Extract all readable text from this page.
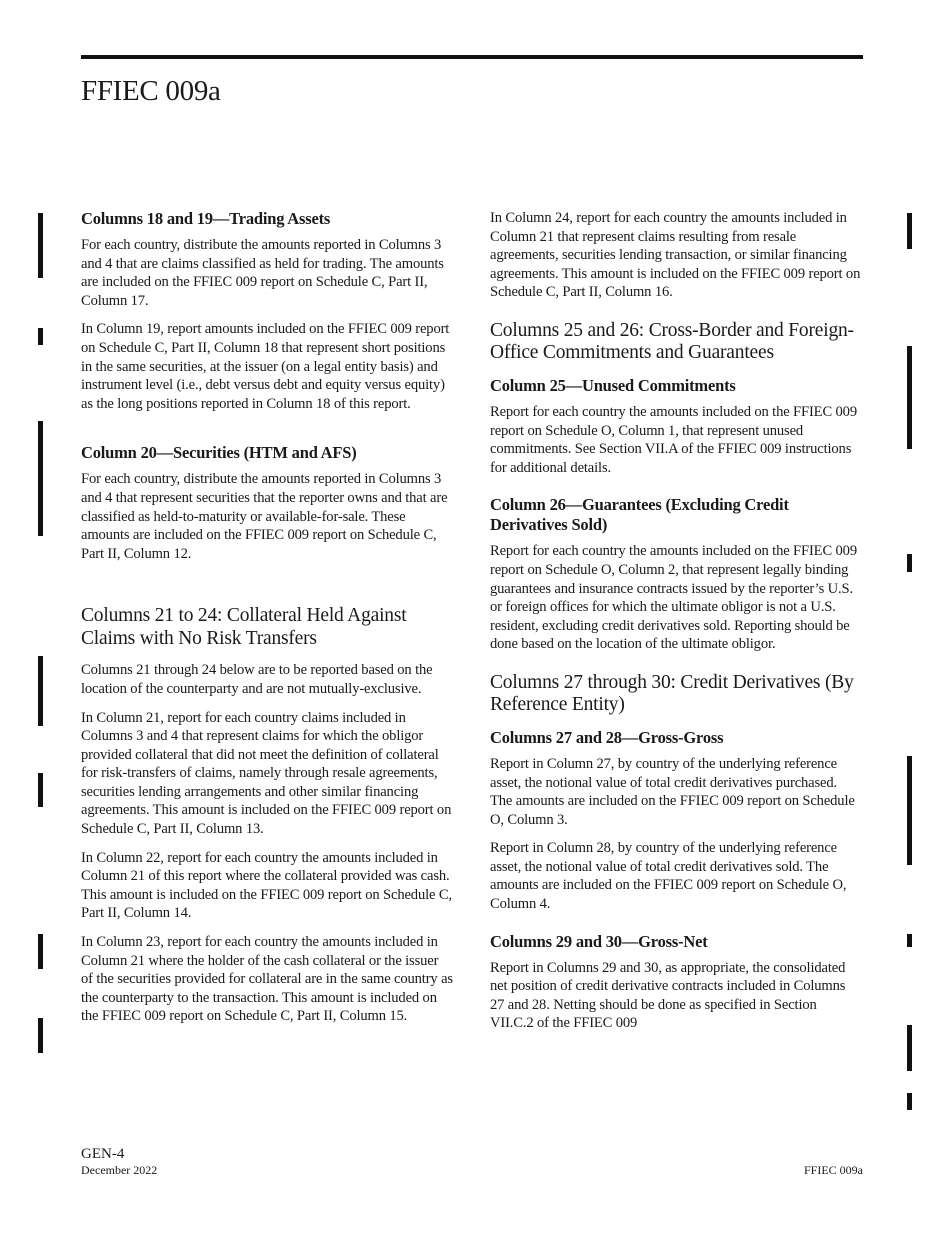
FFIEC 009a
Columns 18 and 19—Trading Assets

For each country, distribute the amounts reported in Columns 3 and 4 that are claims classified as held for trading. The amounts are included on the FFIEC 009 report on Schedule C, Part II, Column 17.

In Column 19, report amounts included on the FFIEC 009 report on Schedule C, Part II, Column 18 that represent short positions in the same securities, at the issuer (on a legal entity basis) and instrument level (i.e., debt versus debt and equity versus equity) as the long positions reported in Column 18 of this report.

Column 20—Securities (HTM and AFS)

For each country, distribute the amounts reported in Columns 3 and 4 that represent securities that the reporter owns and that are classified as held-to-maturity or available-for-sale. These amounts are included on the FFIEC 009 report on Schedule C, Part II, Column 12.

Columns 21 to 24: Collateral Held Against Claims with No Risk Transfers

Columns 21 through 24 below are to be reported based on the location of the counterparty and are not mutually-exclusive.

In Column 21, report for each country claims included in Columns 3 and 4 that represent claims for which the obligor provided collateral that did not meet the definition of collateral for risk-transfers of claims, namely through resale agreements, securities lending arrangements and other similar financing agreements. This amount is included on the FFIEC 009 report on Schedule C, Part II, Column 13.

In Column 22, report for each country the amounts included in Column 21 of this report where the collateral provided was cash. This amount is included on the FFIEC 009 report on Schedule C, Part II, Column 14.

In Column 23, report for each country the amounts included in Column 21 where the holder of the cash collateral or the issuer of the securities provided for collateral are in the same country as the counterparty to the transaction. This amount is included on the FFIEC 009 report on Schedule C, Part II, Column 15.

In Column 24, report for each country the amounts included in Column 21 that represent claims resulting from resale agreements, securities lending transaction, or similar financing agreements. This amount is included on the FFIEC 009 report on Schedule C, Part II, Column 16.

Columns 25 and 26: Cross-Border and Foreign-Office Commitments and Guarantees
Column 25—Unused Commitments

Report for each country the amounts included on the FFIEC 009 report on Schedule O, Column 1, that represent unused commitments. See Section VII.A of the FFIEC 009 instructions for additional details.

Column 26—Guarantees (Excluding Credit Derivatives Sold)

Report for each country the amounts included on the FFIEC 009 report on Schedule O, Column 2, that represent legally binding guarantees and insurance contracts issued by the reporter’s U.S. or foreign offices for which the ultimate obligor is not a U.S. resident, excluding credit derivatives sold. Reporting should be done based on the location of the ultimate obligor.

Columns 27 through 30: Credit Derivatives (By Reference Entity)
Columns 27 and 28—Gross-Gross

Report in Column 27, by country of the underlying reference asset, the notional value of total credit derivatives purchased. The amounts are included on the FFIEC 009 report on Schedule O, Column 3.

Report in Column 28, by country of the underlying reference asset, the notional value of total credit derivatives sold. The amounts are included on the FFIEC 009 report on Schedule O, Column 4.

Columns 29 and 30—Gross-Net

Report in Columns 29 and 30, as appropriate, the consolidated net position of credit derivative contracts included in Columns 27 and 28. Netting should be done as specified in Section VII.C.2 of the FFIEC 009

GEN-4
December 2022	FFIEC 009a
